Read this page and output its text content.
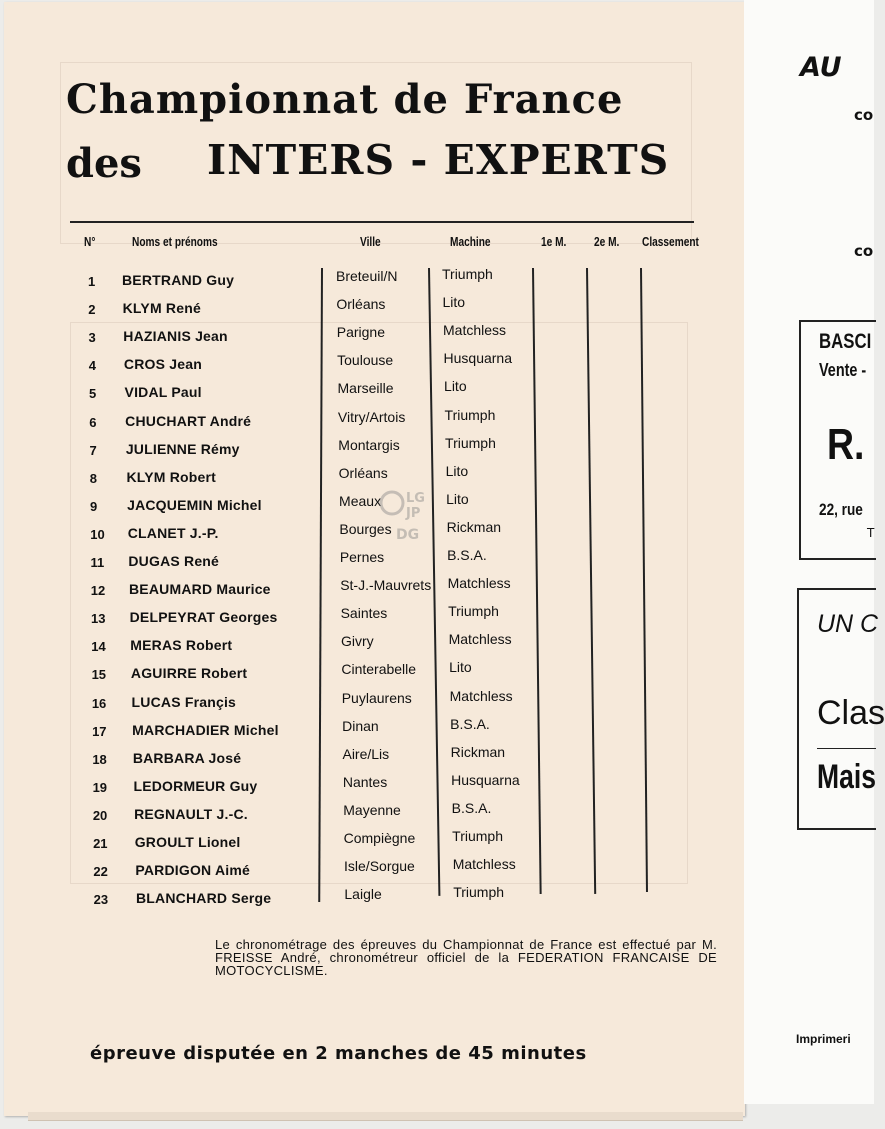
Championnat de France
des INTERS - EXPERTS
N°	Noms et prénoms	Ville	Machine	1e M. 2e M. Classement
1 BERTRAND Guy	Breteuil/N	Triumph
2 KLYM René	Orléans	Lito
3 HAZIANIS Jean	Parigne	Matchless
4 CROS Jean	Toulouse	Husquarna
5 VIDAL Paul	Marseille	Lito
6 CHUCHART André	Vitry/Artois	Triumph
7 JULIENNE Rémy	Montargis	Triumph
8 KLYM Robert	Orléans	Lito
9 JACQUEMIN Michel	Meaux	Lito
10 CLANET J.-P.	Bourges	Rickman
11 DUGAS René	Pernes	B.S.A.
12 BEAUMARD Maurice	St-J.-Mauvrets Matchless
13 DELPEYRAT Georges	Saintes	Triumph
14 MERAS Robert	Givry	Matchless
15 AGUIRRE Robert	Cinterabelle Lito
16 LUCAS Françis	Puylaurens	Matchless
17 MARCHADIER Michel	Dinan	B.S.A.
18 BARBARA José	Aire/Lis	Rickman
19 LEDORMEUR Guy	Nantes	Husquarna
20 REGNAULT J.-C.	Mayenne	B.S.A.
21 GROULT Lionel	Compiègne	Triumph
22 PARDIGON Aimé	Isle/Sorgue	Matchless
23 BLANCHARD Serge	Laigle	Triumph
LG
JP
DG
Le chronométrage des épreuves du Championnat de France est effectué par M. FREISSE André, chronométreur officiel de la FEDERATION FRANCAISE DE MOTOCYCLISME.
épreuve disputée en 2 manches de 45 minutes
AU
co
co
BASCI
Vente -
R.
22, rue
T
UN C
Clas
Mais
Imprimeri
